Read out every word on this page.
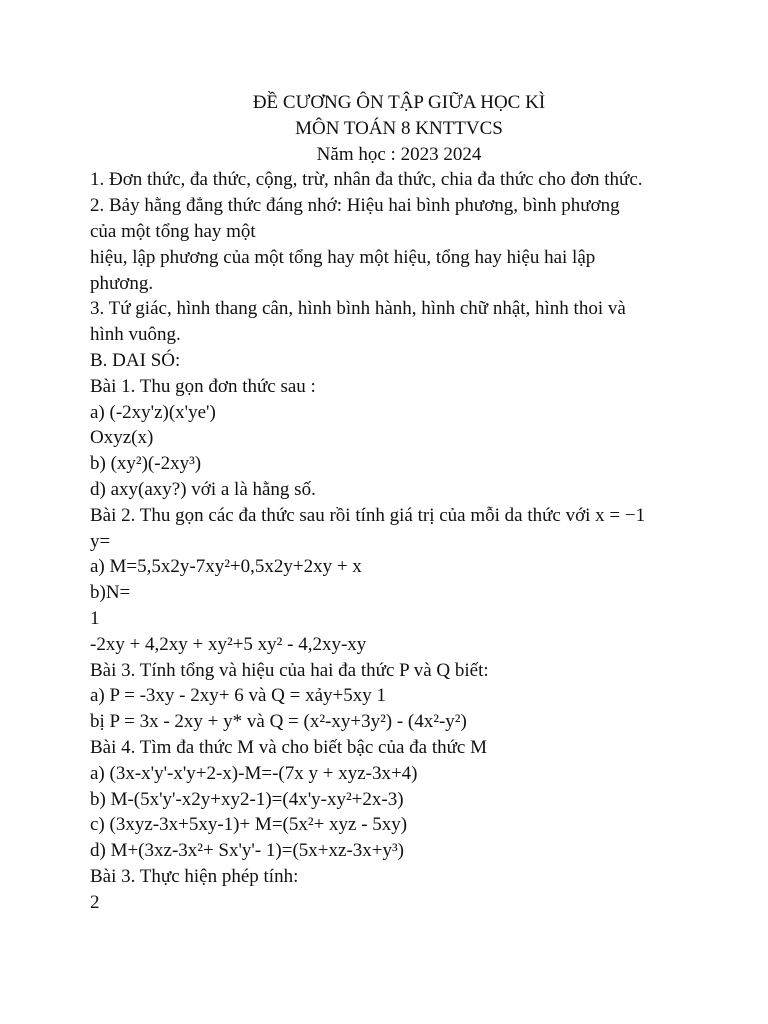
ĐỀ CƯƠNG ÔN TẬP GIỮA HỌC KÌ
MÔN TOÁN 8 KNTTVCS
Năm học : 2023 2024
1. Đơn thức, đa thức, cộng, trừ, nhân đa thức, chia đa thức cho đơn thức.
2. Bảy hằng đẳng thức đáng nhớ: Hiệu hai bình phương, bình phương
của một tổng hay một
hiệu, lập phương của một tổng hay một hiệu, tổng hay hiệu hai lập
phương.
3. Tứ giác, hình thang cân, hình bình hành, hình chữ nhật, hình thoi và
hình vuông.
B. DAI SÓ:
Bài 1. Thu gọn đơn thức sau :
a) (-2xy'z)(x'ye')
Oxyz(x)
b) (xy²)(-2xy³)
d) axy(axy?) với a là hằng số.
Bài 2. Thu gọn các đa thức sau rồi tính giá trị của mỗi da thức với x = −1
y=
a) M=5,5x2y-7xy²+0,5x2y+2xy + x
b)N=
1
-2xy + 4,2xy + xy²+5 xy² - 4,2xy-xy
Bài 3. Tính tổng và hiệu của hai đa thức P và Q biết:
a) P = -3xy - 2xy+ 6 và Q = xảy+5xy 1
bị P = 3x - 2xy + y* và Q = (x²-xy+3y²) - (4x²-y²)
Bài 4. Tìm đa thức M và cho biết bậc của đa thức M
a) (3x-x'y'-x'y+2-x)-M=-(7x y + xyz-3x+4)
b) M-(5x'y'-x2y+xy2-1)=(4x'y-xy²+2x-3)
c) (3xyz-3x+5xy-1)+ M=(5x²+ xyz - 5xy)
d) M+(3xz-3x²+ Sx'y'- 1)=(5x+xz-3x+y³)
Bài 3. Thực hiện phép tính:
2
